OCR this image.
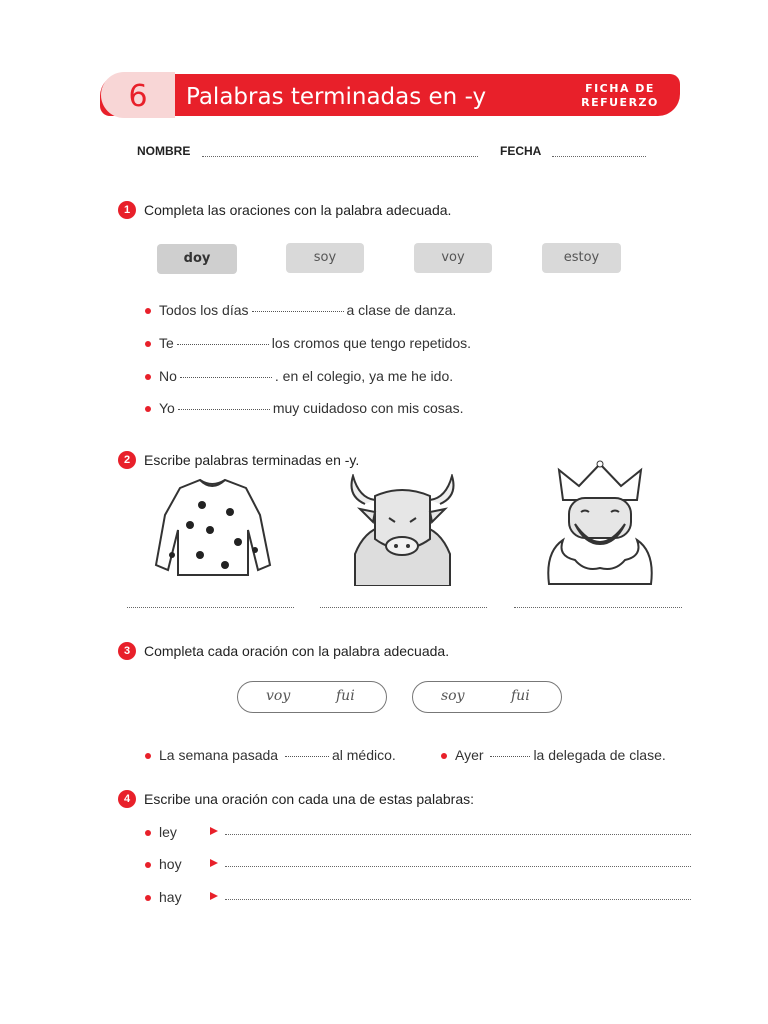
6	Palabras terminadas en -y	FICHA DE
REFUERZO
NOMBRE	FECHA
1 Completa las oraciones con la palabra adecuada.
doy	soy	voy	estoy
Todos los días	a clase de danza.
Te	los cromos que tengo repetidos.
No	. en el colegio, ya me he ido.
Yo	muy cuidadoso con mis cosas.
2 Escribe palabras terminadas en -y.
3 Completa cada oración con la palabra adecuada.
voy	fui	soy	fui
La semana pasada	al médico.	Ayer	la delegada de clase.
4 Escribe una oración con cada una de estas palabras:
ley
hoy
hay
